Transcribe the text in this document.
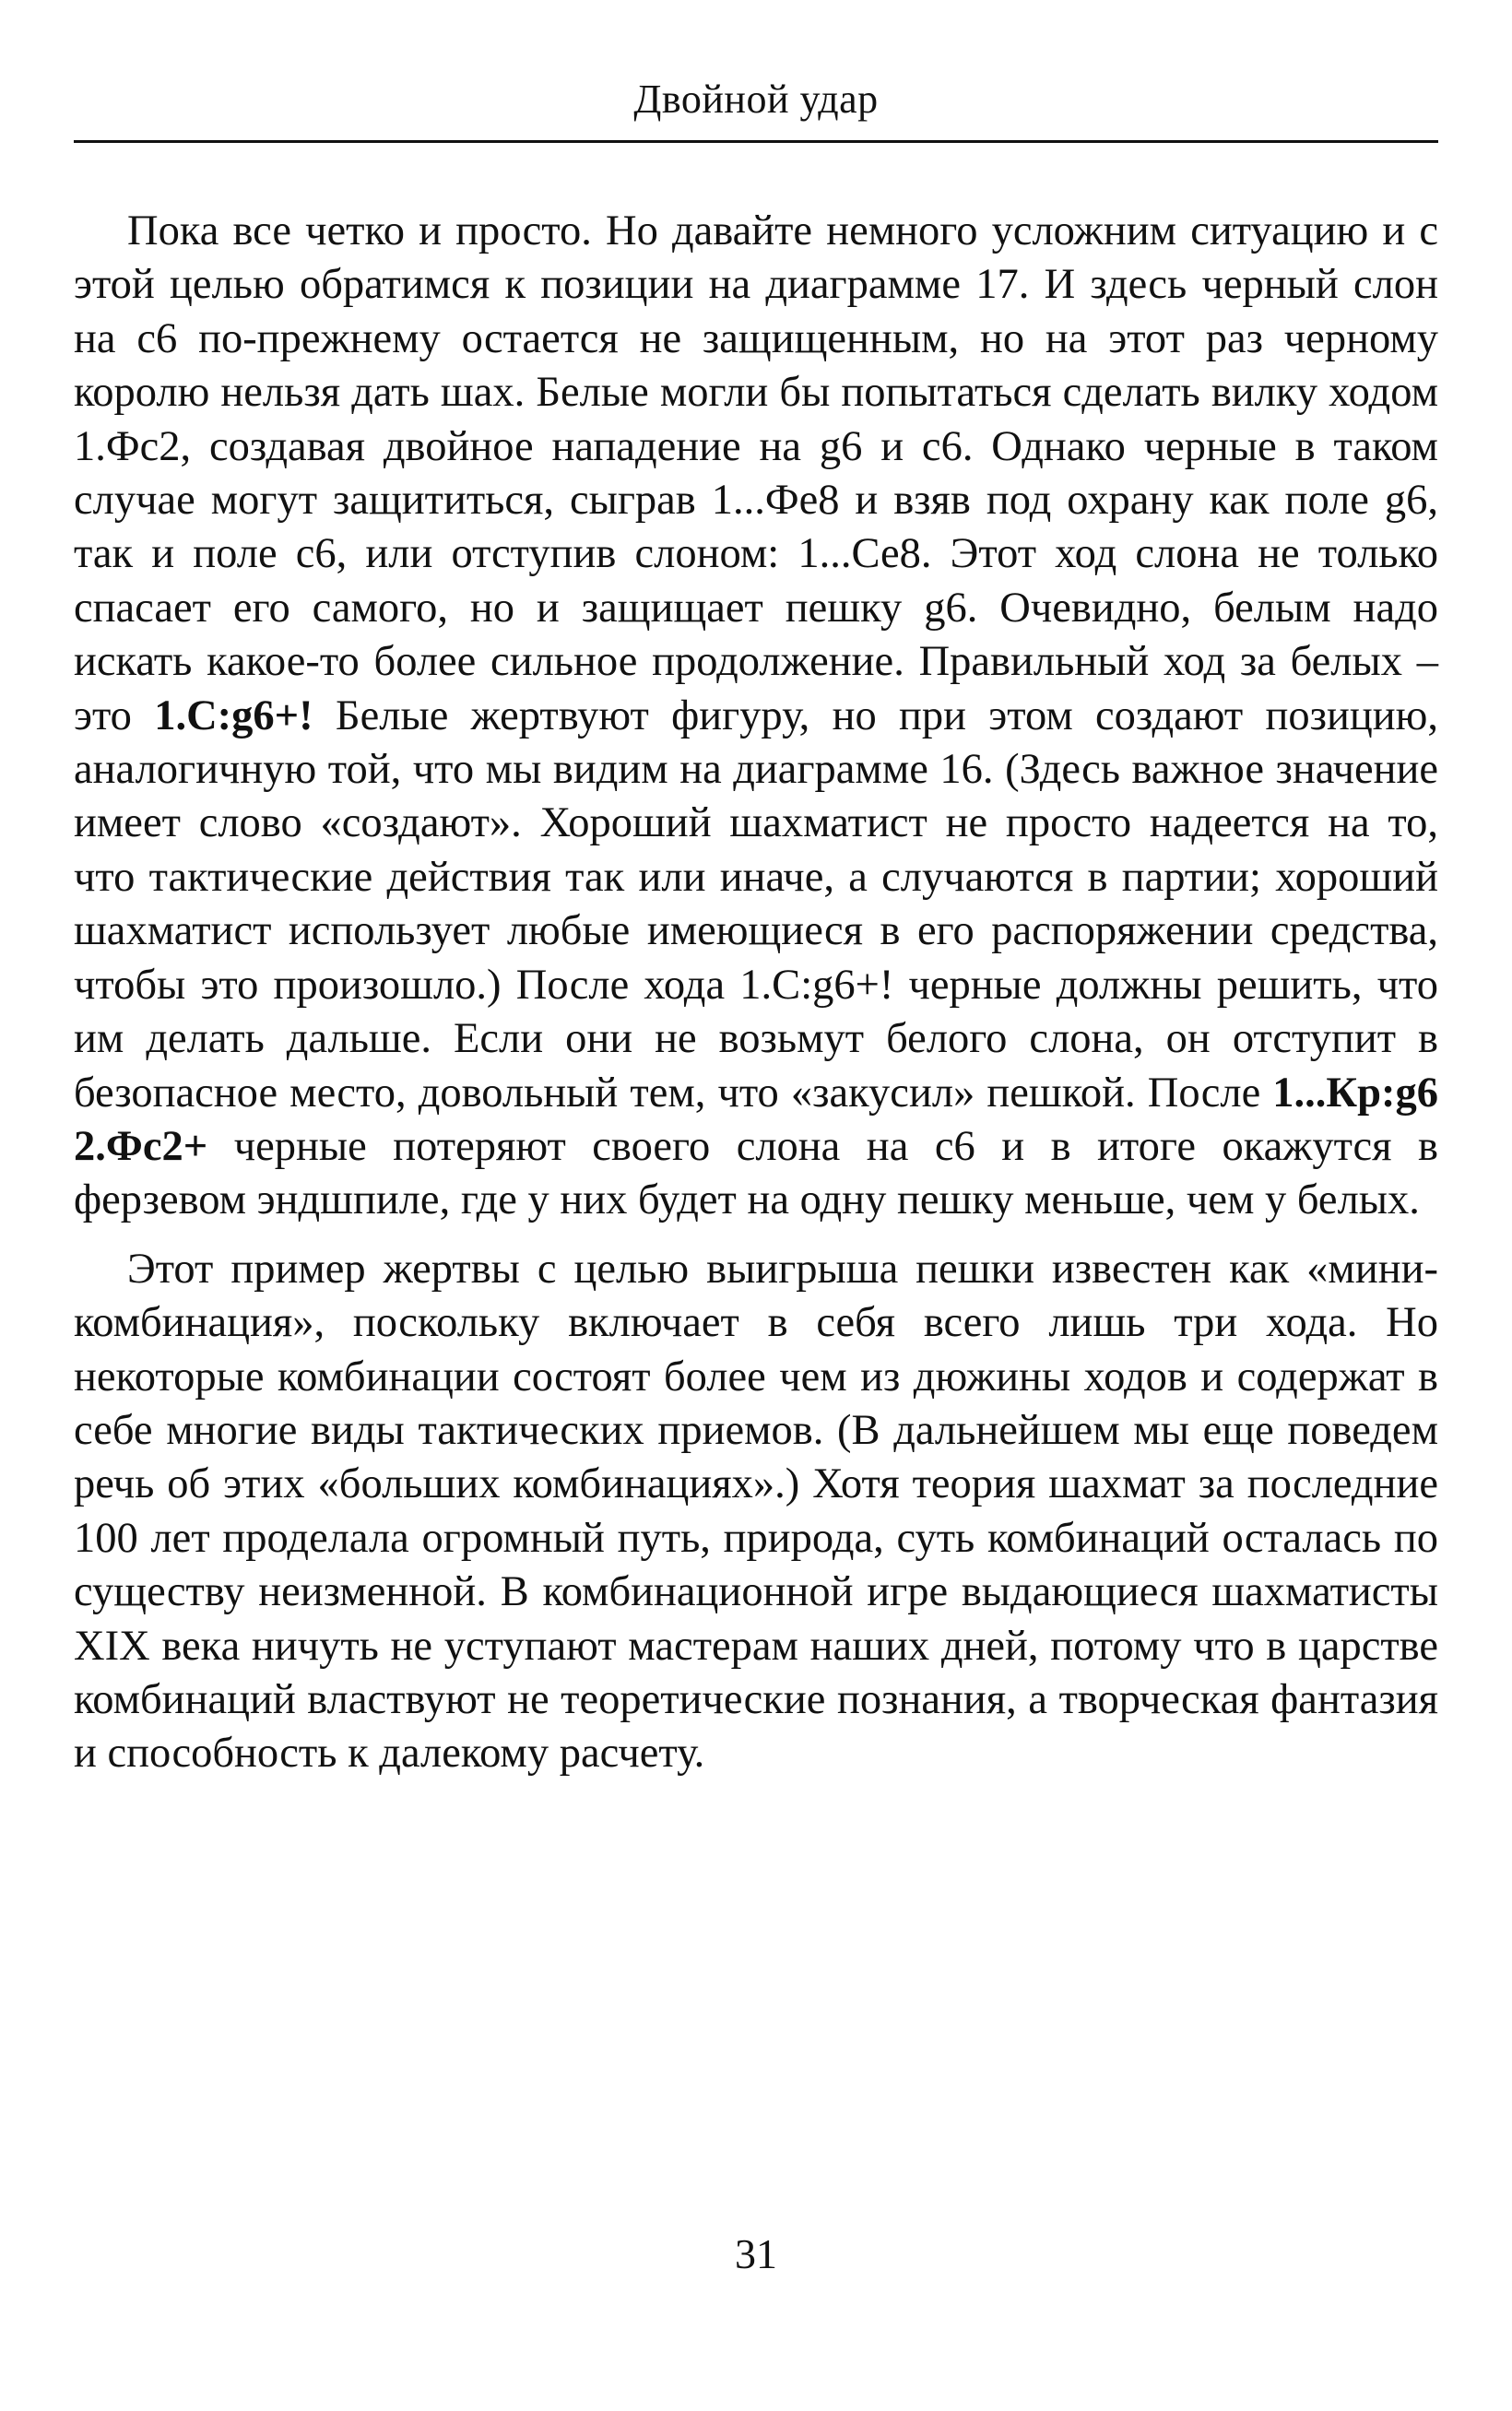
Двойной удар

Пока все четко и просто. Но давайте немного усложним ситуацию и с этой целью обратимся к позиции на диаграмме 17. И здесь черный слон на с6 по-прежнему остается не защищенным, но на этот раз черному королю нельзя дать шах. Белые могли бы попытаться сделать вилку ходом 1.Фс2, создавая двойное нападение на g6 и с6. Однако черные в таком случае могут защититься, сыграв 1...Фе8 и взяв под охрану как поле g6, так и поле с6, или отступив слоном: 1...Се8. Этот ход слона не только спасает его самого, но и защищает пешку g6. Очевидно, белым надо искать какое-то более сильное продолжение. Правильный ход за белых – это 1.С:g6+! Белые жертвуют фигуру, но при этом создают позицию, аналогичную той, что мы видим на диаграмме 16. (Здесь важное значение имеет слово «создают». Хороший шахматист не просто надеется на то, что тактические действия так или иначе, а случаются в партии; хороший шахматист использует любые имеющиеся в его распоряжении средства, чтобы это произошло.) После хода 1.С:g6+! черные должны решить, что им делать дальше. Если они не возьмут белого слона, он отступит в безопасное место, довольный тем, что «закусил» пешкой. После 1...Кр:g6 2.Фс2+ черные потеряют своего слона на с6 и в итоге окажутся в ферзевом эндшпиле, где у них будет на одну пешку меньше, чем у белых.

Этот пример жертвы с целью выигрыша пешки известен как «мини-комбинация», поскольку включает в себя всего лишь три хода. Но некоторые комбинации состоят более чем из дюжины ходов и содержат в себе многие виды тактических приемов. (В дальнейшем мы еще поведем речь об этих «больших комбинациях».) Хотя теория шахмат за последние 100 лет проделала огромный путь, природа, суть комбинаций осталась по существу неизменной. В комбинационной игре выдающиеся шахматисты XIX века ничуть не уступают мастерам наших дней, потому что в царстве комбинаций властвуют не теоретические познания, а творческая фантазия и способность к далекому расчету.

31
